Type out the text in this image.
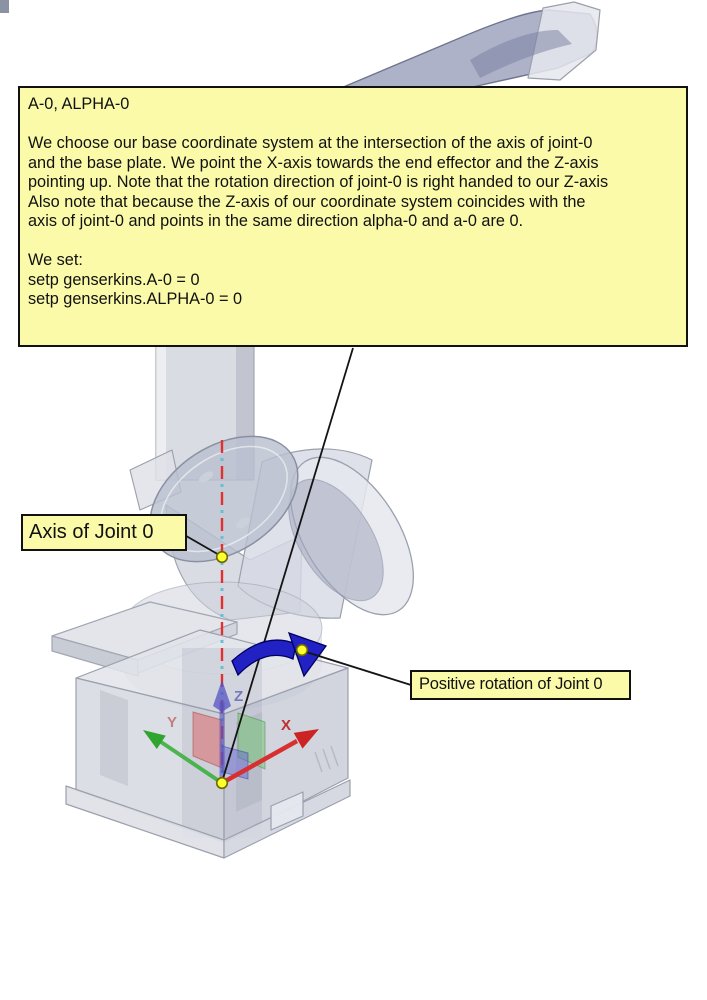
X
Y
Z
A-0, ALPHA-0
We choose our base coordinate system at the intersection of the axis of joint-0
and the base plate. We point the X-axis towards the end effector and the Z-axis
pointing up. Note that the rotation direction of joint-0 is right handed to our Z-axis
Also note that because the Z-axis of our coordinate system coincides with the
axis of joint-0 and points in the same direction alpha-0 and a-0 are 0.
We set:
setp genserkins.A-0 = 0
setp genserkins.ALPHA-0 = 0
Axis of Joint 0
Positive rotation of Joint 0
